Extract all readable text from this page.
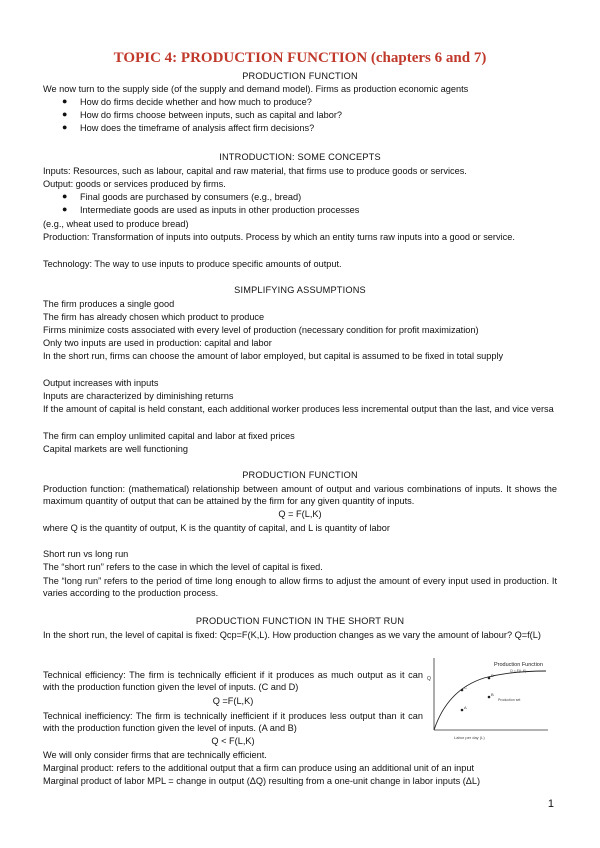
TOPIC 4: PRODUCTION FUNCTION (chapters 6 and 7)
PRODUCTION FUNCTION
We now turn to the supply side (of the supply and demand model). Firms as production economic agents
● How do firms decide whether and how much to produce?
● How do firms choose between inputs, such as capital and labor?
● How does the timeframe of analysis affect firm decisions?
INTRODUCTION: SOME CONCEPTS
Inputs: Resources, such as labour, capital and raw material, that firms use to produce goods or services.
Output: goods or services produced by firms.
● Final goods are purchased by consumers (e.g., bread)
● Intermediate goods are used as inputs in other production processes
(e.g., wheat used to produce bread)
Production: Transformation of inputs into outputs. Process by which an entity turns raw inputs into a good or service.
Technology: The way to use inputs to produce specific amounts of output.
SIMPLIFYING ASSUMPTIONS
The firm produces a single good
The firm has already chosen which product to produce
Firms minimize costs associated with every level of production (necessary condition for profit maximization)
Only two inputs are used in production: capital and labor
In the short run, firms can choose the amount of labor employed, but capital is assumed to be fixed in total supply
Output increases with inputs
Inputs are characterized by diminishing returns
If the amount of capital is held constant, each additional worker produces less incremental output than the last, and vice versa
The firm can employ unlimited capital and labor at fixed prices
Capital markets are well functioning
PRODUCTION FUNCTION
Production function: (mathematical) relationship between amount of output and various combinations of inputs. It shows the maximum quantity of output that can be attained by the firm for any given quantity of inputs.
Q = F(L,K)
where Q is the quantity of output, K is the quantity of capital, and L is quantity of labor
Short run vs long run
The “short run” refers to the case in which the level of capital is fixed.
The “long run” refers to the period of time long enough to allow firms to adjust the amount of every input used in production. It varies according to the production process.
PRODUCTION FUNCTION IN THE SHORT RUN
In the short run, the level of capital is fixed: Qcp=F(K,L). How production changes as we vary the amount of labour? Q=f(L)
Technical efficiency: The firm is technically efficient if it produces as much output as it can with the production function given the level of inputs. (C and D)
Q =F(L,K)
Technical inefficiency: The firm is technically inefficient if it produces less output than it can with the production function given the level of inputs. (A and B)
Q < F(L,K)
We will only consider firms that are technically efficient.
Marginal product: refers to the additional output that a firm can produce using an additional unit of an input
Marginal product of labor MPL = change in output (ΔQ) resulting from a one-unit change in labor inputs (ΔL)
Q
Labor per day (L)
Production Function
Q = F(L,K)
Production set
C
D
B
A
1
